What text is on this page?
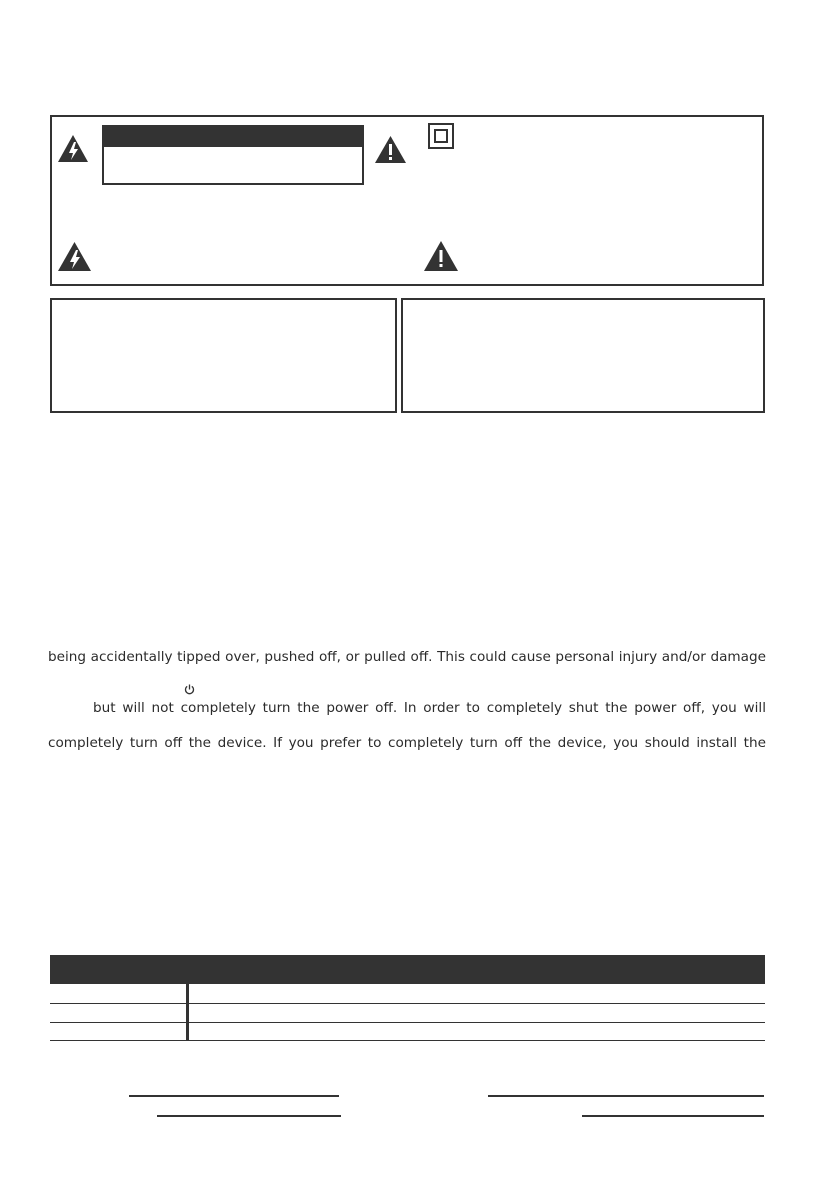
being accidentally tipped over, pushed off, or pulled off. This could cause personal injury and/or damage
but will not completely turn the power off. In order to completely shut the power off, you will
completely turn off the device. If you prefer to completely turn off the device, you should install the
